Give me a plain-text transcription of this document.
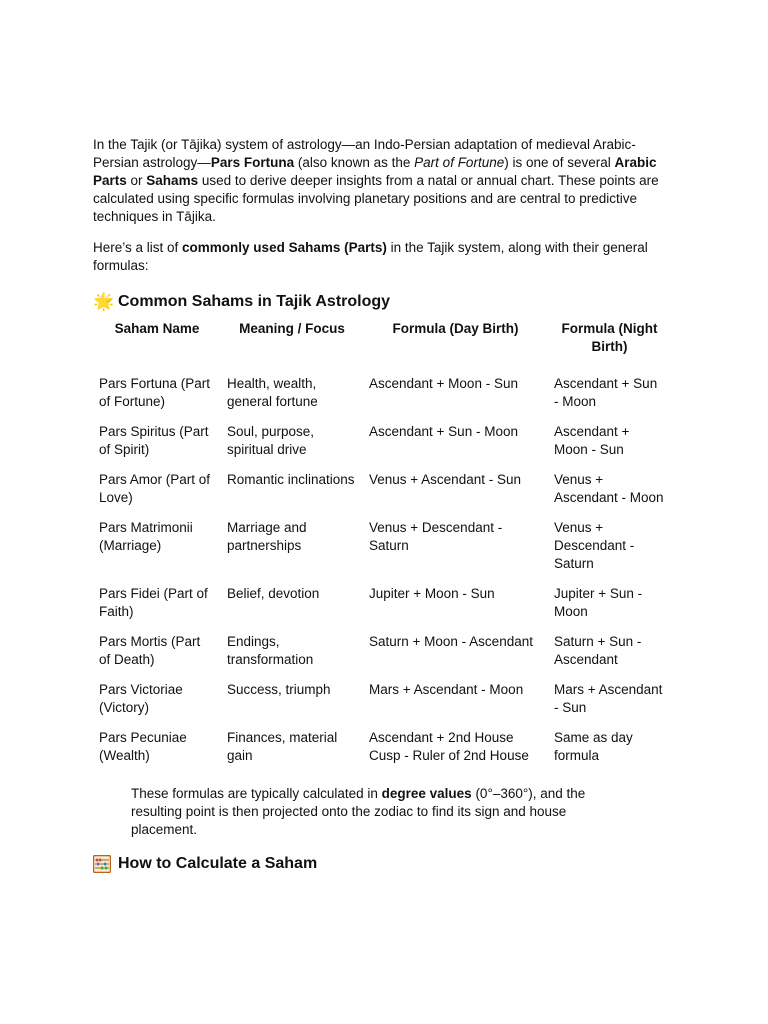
In the Tajik (or Tājika) system of astrology—an Indo-Persian adaptation of medieval Arabic-Persian astrology—Pars Fortuna (also known as the Part of Fortune) is one of several Arabic Parts or Sahams used to derive deeper insights from a natal or annual chart. These points are calculated using specific formulas involving planetary positions and are central to predictive techniques in Tājika.

Here’s a list of commonly used Sahams (Parts) in the Tajik system, along with their general formulas:

🌟 Common Sahams in Tajik Astrology
Saham Name	Meaning / Focus	Formula (Day Birth)	Formula (Night Birth)
Pars Fortuna (Part of Fortune)	Health, wealth, general fortune	Ascendant + Moon - Sun	Ascendant + Sun - Moon
Pars Spiritus (Part of Spirit)	Soul, purpose, spiritual drive	Ascendant + Sun - Moon	Ascendant + Moon - Sun
Pars Amor (Part of Love)	Romantic inclinations	Venus + Ascendant - Sun	Venus + Ascendant - Moon
Pars Matrimonii (Marriage)	Marriage and partnerships	Venus + Descendant - Saturn	Venus + Descendant - Saturn
Pars Fidei (Part of Faith)	Belief, devotion	Jupiter + Moon - Sun	Jupiter + Sun - Moon
Pars Mortis (Part of Death)	Endings, transformation	Saturn + Moon - Ascendant	Saturn + Sun - Ascendant
Pars Victoriae (Victory)	Success, triumph	Mars + Ascendant - Moon	Mars + Ascendant - Sun
Pars Pecuniae (Wealth)	Finances, material gain	Ascendant + 2nd House Cusp - Ruler of 2nd House	Same as day formula

These formulas are typically calculated in degree values (0°–360°), and the resulting point is then projected onto the zodiac to find its sign and house placement.

How to Calculate a Saham
